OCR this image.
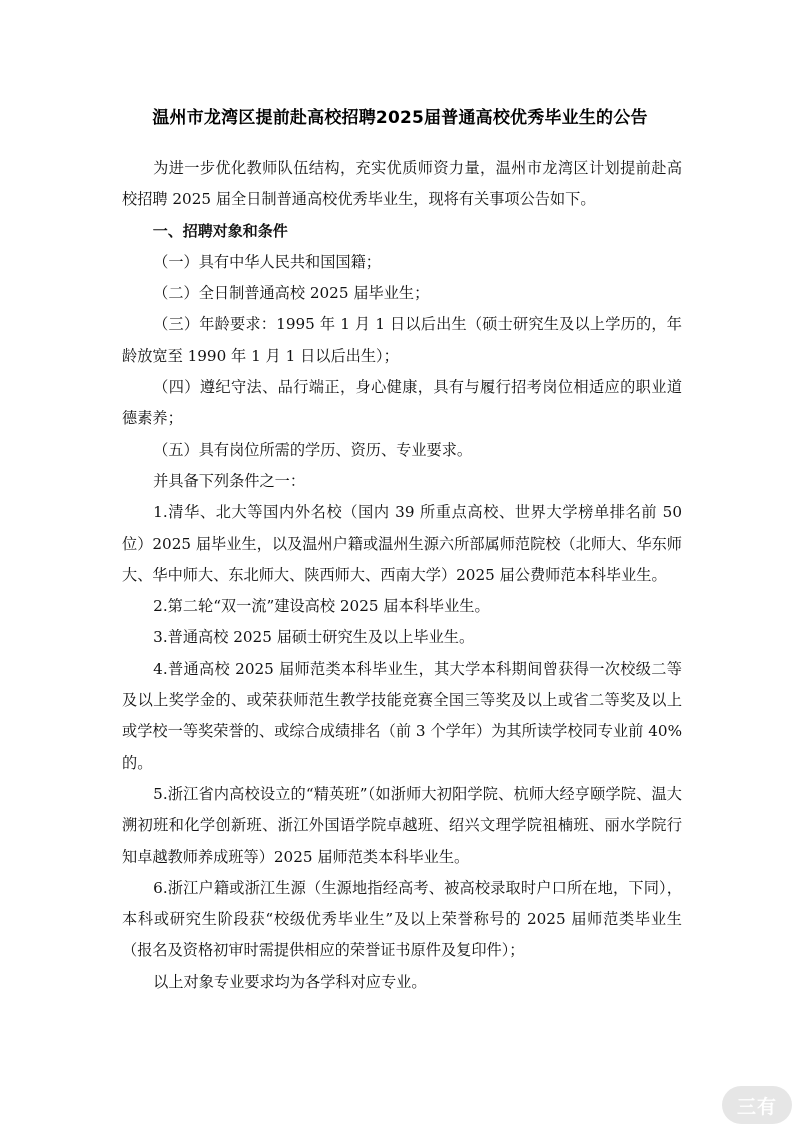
温州市龙湾区提前赴高校招聘2025届普通高校优秀毕业生的公告

为进一步优化教师队伍结构，充实优质师资力量，温州市龙湾区计划提前赴高校招聘 2025 届全日制普通高校优秀毕业生，现将有关事项公告如下。

一、招聘对象和条件

（一）具有中华人民共和国国籍；

（二）全日制普通高校 2025 届毕业生；

（三）年龄要求：1995 年 1 月 1 日以后出生（硕士研究生及以上学历的，年龄放宽至 1990 年 1 月 1 日以后出生）；

（四）遵纪守法、品行端正，身心健康，具有与履行招考岗位相适应的职业道德素养；

（五）具有岗位所需的学历、资历、专业要求。

并具备下列条件之一：

1.清华、北大等国内外名校（国内 39 所重点高校、世界大学榜单排名前 50 位）2025 届毕业生，以及温州户籍或温州生源六所部属师范院校（北师大、华东师大、华中师大、东北师大、陕西师大、西南大学）2025 届公费师范本科毕业生。

2.第二轮“双一流”建设高校 2025 届本科毕业生。

3.普通高校 2025 届硕士研究生及以上毕业生。

4.普通高校 2025 届师范类本科毕业生，其大学本科期间曾获得一次校级二等及以上奖学金的、或荣获师范生教学技能竞赛全国三等奖及以上或省二等奖及以上或学校一等奖荣誉的、或综合成绩排名（前 3 个学年）为其所读学校同专业前 40%的。

5.浙江省内高校设立的“精英班”（如浙师大初阳学院、杭师大经亨颐学院、温大溯初班和化学创新班、浙江外国语学院卓越班、绍兴文理学院祖楠班、丽水学院行知卓越教师养成班等）2025 届师范类本科毕业生。

6.浙江户籍或浙江生源（生源地指经高考、被高校录取时户口所在地，下同），本科或研究生阶段获“校级优秀毕业生”及以上荣誉称号的 2025 届师范类毕业生（报名及资格初审时需提供相应的荣誉证书原件及复印件）；

以上对象专业要求均为各学科对应专业。

三有
